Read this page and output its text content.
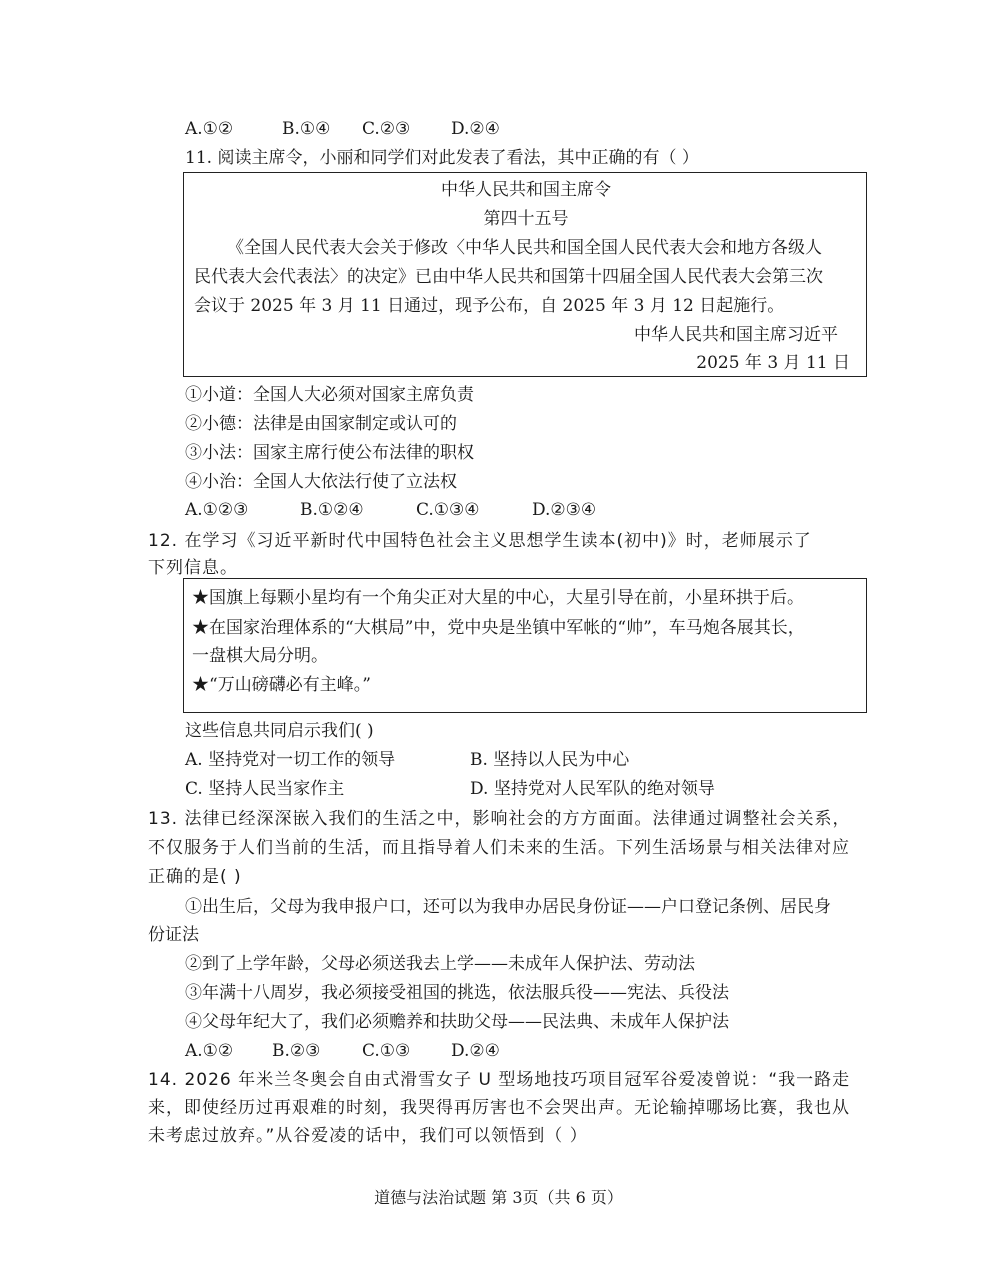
A.①②	B.①④ C.②③ D.②④
11. 阅读主席令，小丽和同学们对此发表了看法，其中正确的有（ ）
中华人民共和国主席令
第四十五号
《全国人民代表大会关于修改〈中华人民共和国全国人民代表大会和地方各级人
民代表大会代表法〉的决定》已由中华人民共和国第十四届全国人民代表大会第三次
会议于 2025 年 3 月 11 日通过，现予公布，自 2025 年 3 月 12 日起施行。
中华人民共和国主席习近平
2025 年 3 月 11 日
①小道：全国人大必须对国家主席负责
②小德：法律是由国家制定或认可的
③小法：国家主席行使公布法律的职权
④小治：全国人大依法行使了立法权
A.①②③	B.①②④	C.①③④	D.②③④
12. 在学习《习近平新时代中国特色社会主义思想学生读本(初中)》时，老师展示了
下列信息。
★国旗上每颗小星均有一个角尖正对大星的中心，大星引导在前，小星环拱于后。
★在国家治理体系的“大棋局”中，党中央是坐镇中军帐的“帅”，车马炮各展其长，
一盘棋大局分明。
★“万山磅礴必有主峰。”
这些信息共同启示我们( )
A. 坚持党对一切工作的领导	B. 坚持以人民为中心
C. 坚持人民当家作主	D. 坚持党对人民军队的绝对领导
13. 法律已经深深嵌入我们的生活之中，影响社会的方方面面。法律通过调整社会关系，
不仅服务于人们当前的生活，而且指导着人们未来的生活。下列生活场景与相关法律对应
正确的是( )
①出生后，父母为我申报户口，还可以为我申办居民身份证——户口登记条例、居民身
份证法
②到了上学年龄，父母必须送我去上学——未成年人保护法、劳动法
③年满十八周岁，我必须接受祖国的挑选，依法服兵役——宪法、兵役法
④父母年纪大了，我们必须赡养和扶助父母——民法典、未成年人保护法
A.①② B.②③ C.①③ D.②④
14. 2026 年米兰冬奥会自由式滑雪女子 U 型场地技巧项目冠军谷爱凌曾说：“我一路走
来，即使经历过再艰难的时刻，我哭得再厉害也不会哭出声。无论输掉哪场比赛，我也从
未考虑过放弃。”从谷爱凌的话中，我们可以领悟到（ ）
道德与法治试题 第 3页（共 6 页）
